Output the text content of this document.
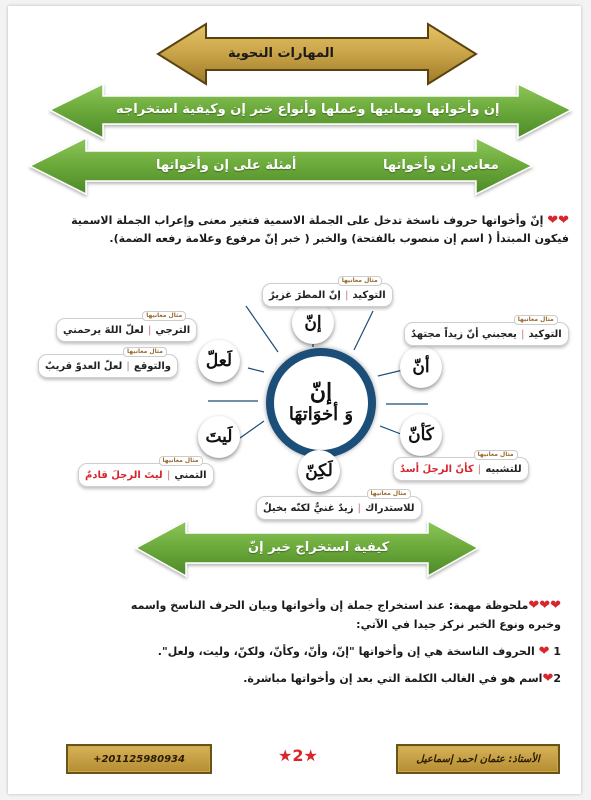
المهارات النحوية
إن وأخواتها ومعانيها وعملها وأنواع خبر إن وكيفية استخراجه
معاني إن وأخواتها
أمثلة على إن وأخواتها
كيفية استخراج خبر إنّ
❤❤ إنّ وأخواتها حروف ناسخة تدخل على الجملة الاسمية فتغير معنى وإعراب الجملة الاسمية
فيكون المبتدأ ( اسم إن منصوب بالفتحة) والخبر ( خبر إنّ مرفوع وعلامة رفعه الضمة).
إنّ
وَ أخوَاتهَا
إنّ
أنّ
كَأنّ
لَكِنّ
لَيتَ
لَعلّ
مثال معانيها
التوكيد
|
إنّ المطرَ غزيرٌ
مثال معانيها
التوكيد
|
يعجبني أنّ زيداً مجتهدٌ
مثال معانيها
للتشبيه
|
كأنّ الرجلَ أسدٌ
مثال معانيها
للاستدراك
|
زيدٌ غنيٌّ لكنّه بخيلٌ
مثال معانيها
التمني
|
ليتَ الرجلَ قادمٌ
مثال معانيها
والتوقع
|
لعلّ العدوّ قريبٌ
مثال معانيها
الترجي
|
لعلّ اللهَ يرحمني
❤❤❤ملحوظة مهمة: عند استخراج جملة إن وأخواتها وبيان الحرف الناسخ واسمه
وخبره ونوع الخبر نركز جيدا في الآتي:
1 ❤ الحروف الناسخة هي إن وأخواتها "إنّ، وأنّ، وكأنّ، ولكنّ، وليت، ولعل".
2❤اسم هو في الغالب الكلمة التي بعد إن وأخواتها مباشرة.
+201125980934	★2★	الأستاذ: عثمان احمد إسماعيل
